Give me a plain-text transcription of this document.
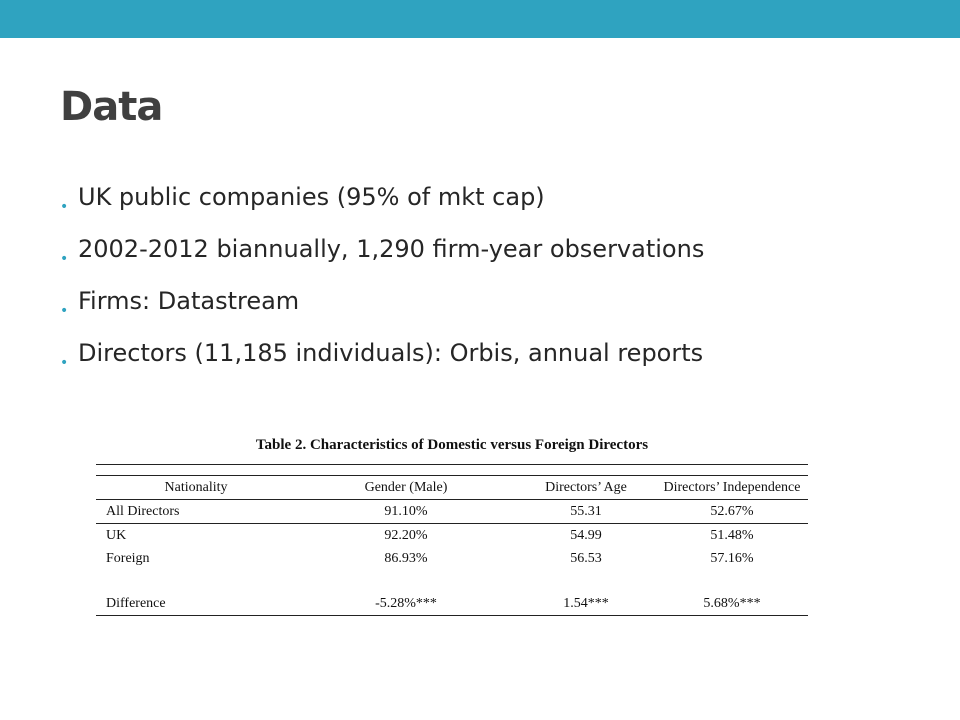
Data
• UK public companies (95% of mkt cap)
• 2002-2012 biannually, 1,290 firm-year observations
• Firms: Datastream
• Directors (11,185 individuals): Orbis, annual reports
Table 2. Characteristics of Domestic versus Foreign Directors

Nationality	Gender (Male)	Directors’ Age	Directors’ Independence
All Directors	91.10%	55.31	52.67%
UK	92.20%	54.99	51.48%
Foreign	86.93%	56.53	57.16%

Difference	-5.28%***	1.54***	5.68%***
